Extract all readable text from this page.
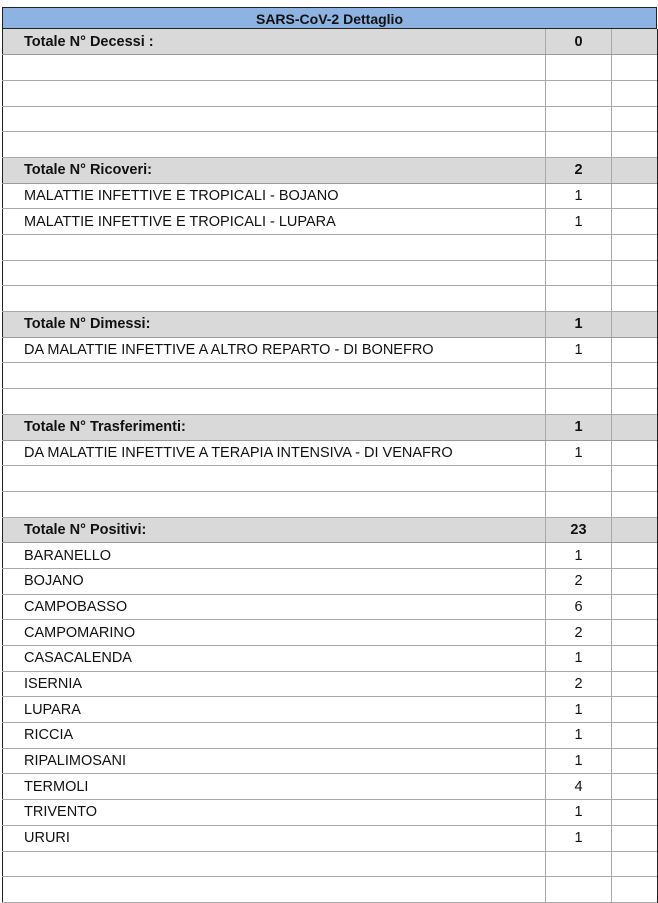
SARS-CoV-2 Dettaglio
Totale N° Decessi :	0	

Totale N° Ricoveri:	2	
MALATTIE INFETTIVE E TROPICALI - BOJANO	1	
MALATTIE INFETTIVE E TROPICALI - LUPARA	1	

Totale N° Dimessi:	1	
DA MALATTIE INFETTIVE A ALTRO REPARTO - DI BONEFRO	1	

Totale N° Trasferimenti:	1	
DA MALATTIE INFETTIVE A TERAPIA INTENSIVA - DI VENAFRO	1	

Totale N° Positivi:	23	
BARANELLO	1	
BOJANO	2	
CAMPOBASSO	6	
CAMPOMARINO	2	
CASACALENDA	1	
ISERNIA	2	
LUPARA	1	
RICCIA	1	
RIPALIMOSANI	1	
TERMOLI	4	
TRIVENTO	1	
URURI	1	
